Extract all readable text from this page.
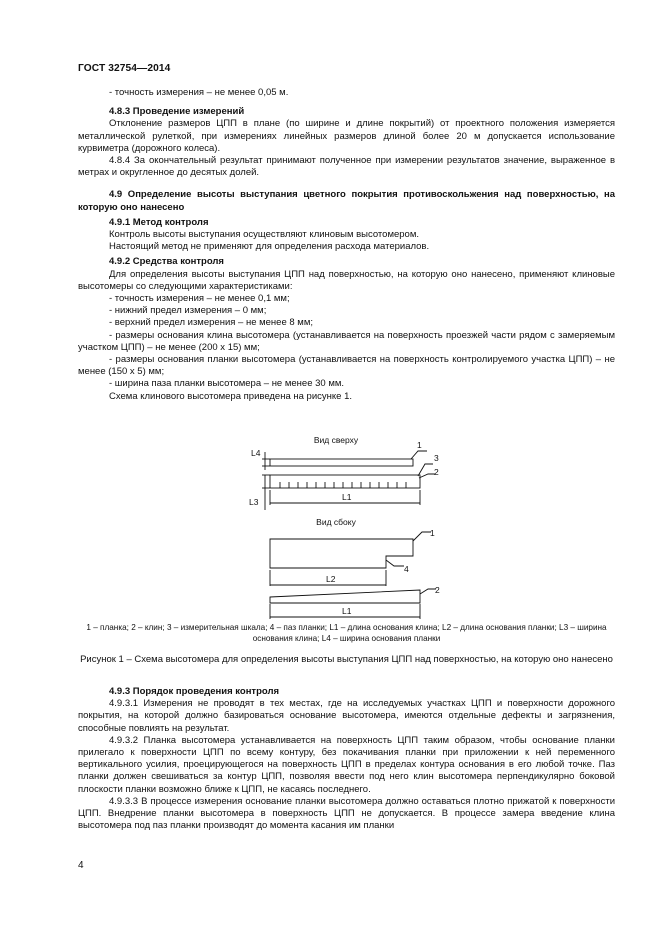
ГОСТ 32754—2014

- точность измерения – не менее 0,05 м.

4.8.3 Проведение измерений

Отклонение размеров ЦПП в плане (по ширине и длине покрытий) от проектного положения измеряется металлической рулеткой, при измерениях линейных размеров длиной более 20 м допускается использование курвиметра (дорожного колеса).

4.8.4 За окончательный результат принимают полученное при измерении результатов значение, выраженное в метрах и округленное до десятых долей.

4.9 Определение высоты выступания цветного покрытия противоскольжения над поверхностью, на которую оно нанесено

4.9.1 Метод контроля

Контроль высоты выступания осуществляют клиновым высотомером.

Настоящий метод не применяют для определения расхода материалов.

4.9.2 Средства контроля

Для определения высоты выступания ЦПП над поверхностью, на которую оно нанесено, применяют клиновые высотомеры со следующими характеристиками:

- точность измерения – не менее 0,1 мм;

- нижний предел измерения – 0 мм;

- верхний предел измерения – не менее 8 мм;

- размеры основания клина высотомера (устанавливается на поверхность проезжей части рядом с замеряемым участком ЦПП) – не менее (200 х 15) мм;

- размеры основания планки высотомера (устанавливается на поверхность контролируемого участка ЦПП) – не менее (150 х 5) мм;

- ширина паза планки высотомера – не менее 30 мм.

Схема клинового высотомера приведена на рисунке 1.

Вид сверху
Вид сбоку
L4
L3	L1
1
3
2
L2
1
4
L1
2
1 – планка; 2 – клин; 3 – измерительная шкала; 4 – паз планки; L1 – длина основания клина; L2 – длина основания планки; L3 – ширина основания клина; L4 – ширина основания планки
Рисунок 1 – Схема высотомера для определения высоты выступания ЦПП над поверхностью, на которую оно нанесено

4.9.3 Порядок проведения контроля

4.9.3.1 Измерения не проводят в тех местах, где на исследуемых участках ЦПП и поверхности дорожного покрытия, на которой должно базироваться основание высотомера, имеются отдельные дефекты и загрязнения, способные повлиять на результат.

4.9.3.2 Планка высотомера устанавливается на поверхность ЦПП таким образом, чтобы основание планки прилегало к поверхности ЦПП по всему контуру, без покачивания планки при приложении к ней переменного вертикального усилия, проецирующегося на поверхность ЦПП в пределах контура основания в его любой точке. Паз планки должен свешиваться за контур ЦПП, позволяя ввести под него клин высотомера перпендикулярно боковой плоскости планки возможно ближе к ЦПП, не касаясь последнего.

4.9.3.3 В процессе измерения основание планки высотомера должно оставаться плотно прижатой к поверхности ЦПП. Внедрение планки высотомера в поверхность ЦПП не допускается. В процессе замера введение клина высотомера под паз планки производят до момента касания им планки

4
